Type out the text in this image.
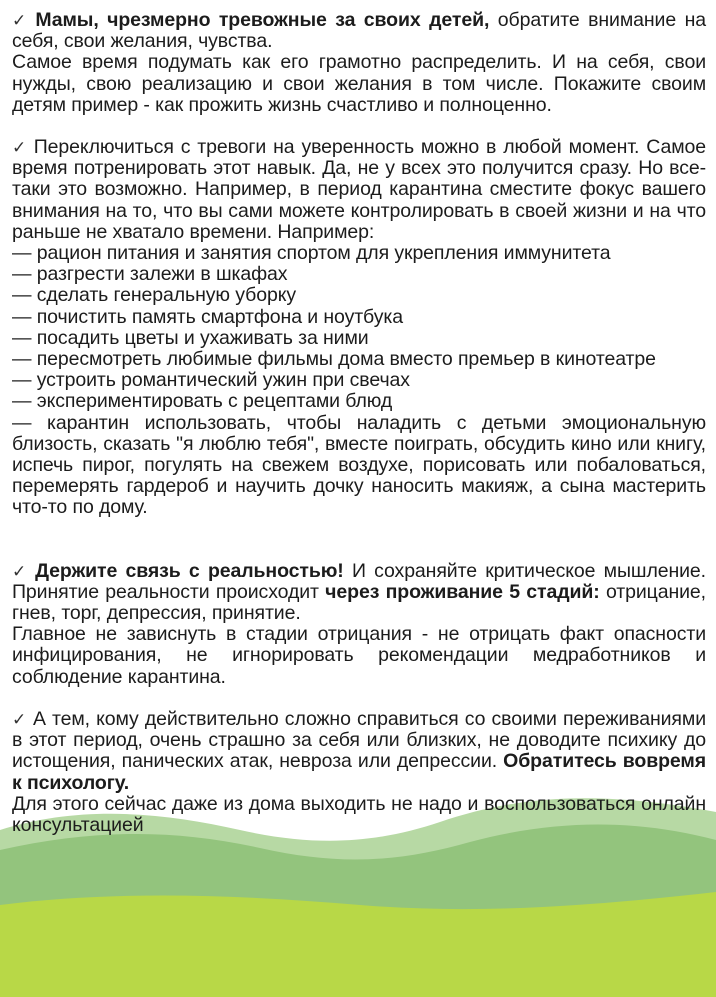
✓ Мамы, чрезмерно тревожные за своих детей, обратите внимание на себя, свои желания, чувства.

Самое время подумать как его грамотно распределить. И на себя, свои нужды, свою реализацию и свои желания в том числе. Покажите своим детям пример - как прожить жизнь счастливо и полноценно.

✓ Переключиться с тревоги на уверенность можно в любой момент. Самое время потренировать этот навык. Да, не у всех это получится сразу. Но все-таки это возможно. Например, в период карантина сместите фокус вашего внимания на то, что вы сами можете контролировать в своей жизни и на что раньше не хватало времени. Например:

— рацион питания и занятия спортом для укрепления иммунитета
— разгрести залежи в шкафах
— сделать генеральную уборку
— почистить память смартфона и ноутбука
— посадить цветы и ухаживать за ними
— пересмотреть любимые фильмы дома вместо премьер в кинотеатре
— устроить романтический ужин при свечах
— экспериментировать с рецептами блюд
— карантин использовать, чтобы наладить с детьми эмоциональную близость, сказать "я люблю тебя", вместе поиграть, обсудить кино или книгу, испечь пирог, погулять на свежем воздухе, порисовать или побаловаться, перемерять гардероб и научить дочку наносить макияж, а сына мастерить что-то по дому.

✓ Держите связь с реальностью! И сохраняйте критическое мышление. Принятие реальности происходит через проживание 5 стадий: отрицание, гнев, торг, депрессия, принятие.

Главное не зависнуть в стадии отрицания - не отрицать факт опасности инфицирования, не игнорировать рекомендации медработников и соблюдение карантина.

✓ А тем, кому действительно сложно справиться со своими переживаниями в этот период, очень страшно за себя или близких, не доводите психику до истощения, панических атак, невроза или депрессии. Обратитесь вовремя к психологу.

Для этого сейчас даже из дома выходить не надо и воспользоваться онлайн консультацией
